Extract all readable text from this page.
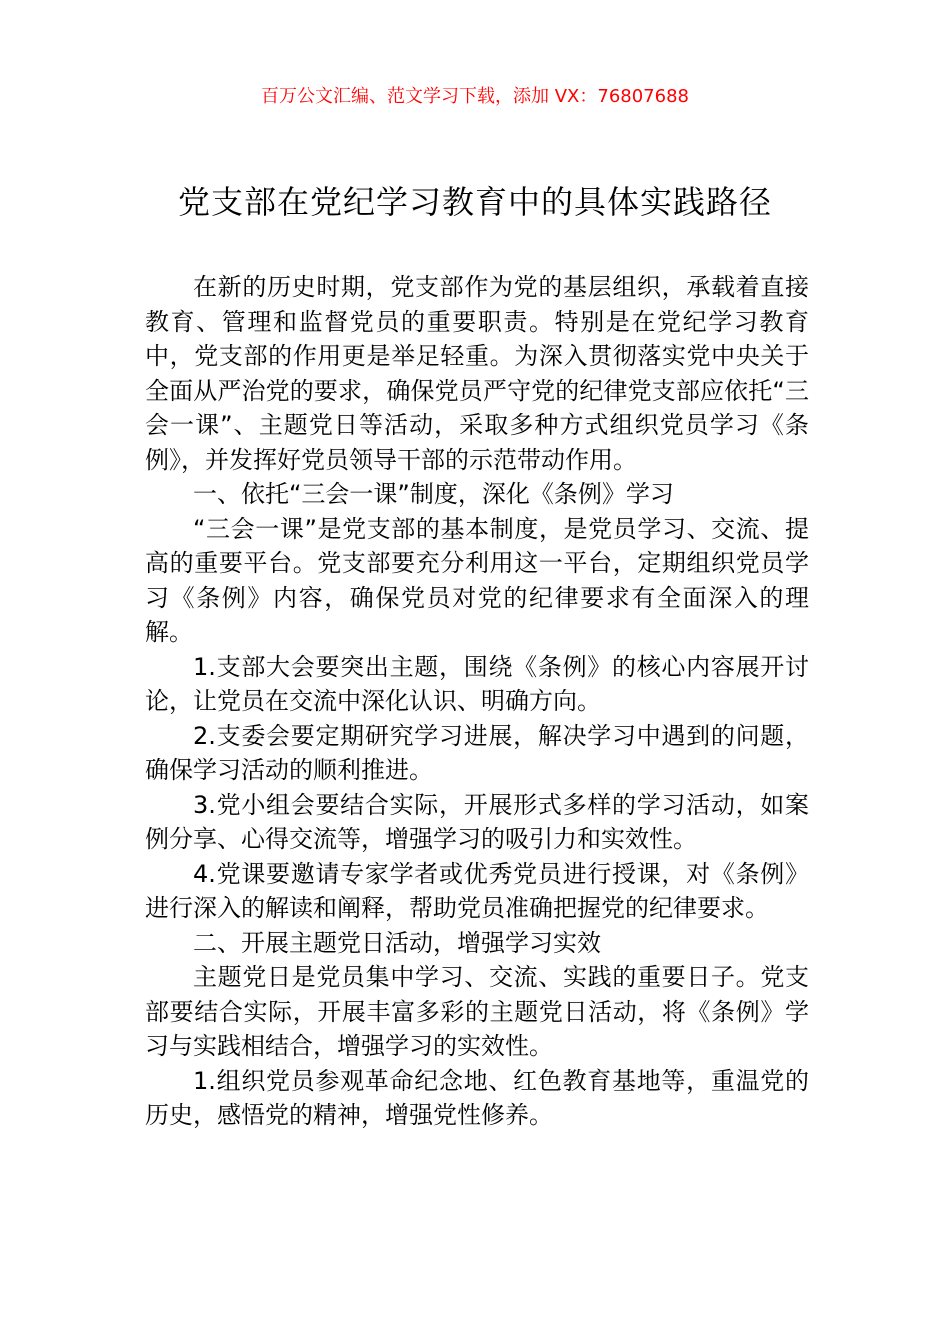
百万公文汇编、范文学习下载，添加 VX：76807688
党支部在党纪学习教育中的具体实践路径

在新的历史时期，党支部作为党的基层组织，承载着直接教育、管理和监督党员的重要职责。特别是在党纪学习教育中，党支部的作用更是举足轻重。为深入贯彻落实党中央关于全面从严治党的要求，确保党员严守党的纪律党支部应依托“三会一课”、主题党日等活动，采取多种方式组织党员学习《条例》，并发挥好党员领导干部的示范带动作用。

一、依托“三会一课”制度，深化《条例》学习

“三会一课”是党支部的基本制度，是党员学习、交流、提高的重要平台。党支部要充分利用这一平台，定期组织党员学习《条例》内容，确保党员对党的纪律要求有全面深入的理解。

1.支部大会要突出主题，围绕《条例》的核心内容展开讨论，让党员在交流中深化认识、明确方向。

2.支委会要定期研究学习进展，解决学习中遇到的问题，确保学习活动的顺利推进。

3.党小组会要结合实际，开展形式多样的学习活动，如案例分享、心得交流等，增强学习的吸引力和实效性。

4.党课要邀请专家学者或优秀党员进行授课，对《条例》进行深入的解读和阐释，帮助党员准确把握党的纪律要求。

二、开展主题党日活动，增强学习实效

主题党日是党员集中学习、交流、实践的重要日子。党支部要结合实际，开展丰富多彩的主题党日活动，将《条例》学习与实践相结合，增强学习的实效性。

1.组织党员参观革命纪念地、红色教育基地等，重温党的历史，感悟党的精神，增强党性修养。
